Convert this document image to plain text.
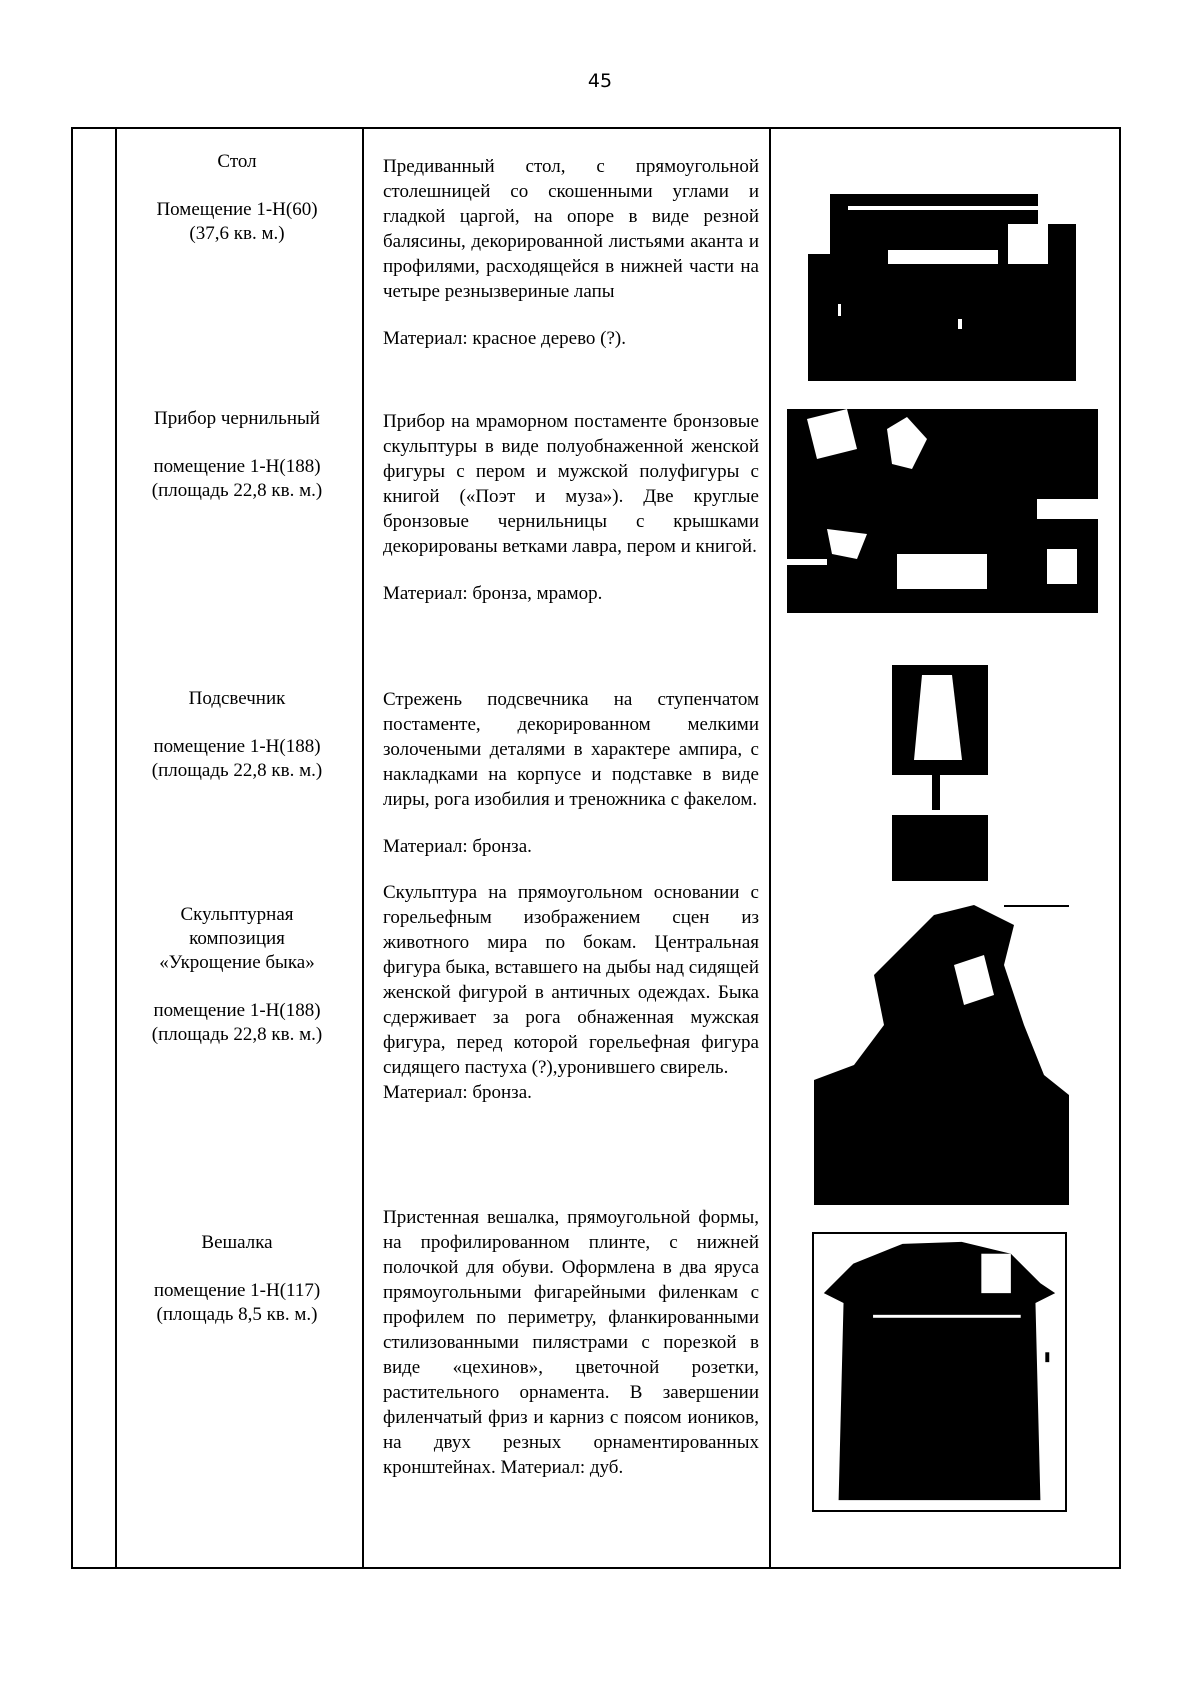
45
Стол
Помещение 1-Н(60)
(37,6 кв. м.)

Предиванный стол, с прямоугольной столешницей со скошенными углами и гладкой царгой, на опоре в виде резной балясины, декорированной листьями аканта и профилями, расходящейся в нижней части на четыре резнызвериные лапы

Материал: красное дерево (?).

Прибор чернильный
помещение 1-Н(188)
(площадь 22,8 кв. м.)

Прибор на мраморном постаменте бронзовые скульптуры в виде полуобнаженной женской фигуры с пером и мужской полуфигуры с книгой («Поэт и муза»). Две круглые бронзовые чернильницы с крышками декорированы ветками лавра, пером и книгой.

Материал: бронза, мрамор.

Подсвечник
помещение 1-Н(188)
(площадь 22,8 кв. м.)

Стрежень подсвечника на ступенчатом постаменте, декорированном мелкими золочеными деталями в характере ампира, с накладками на корпусе и подставке в виде лиры, рога изобилия и треножника с факелом.

Материал: бронза.

Скульптурная
композиция
«Укрощение быка»
помещение 1-Н(188)
(площадь 22,8 кв. м.)

Скульптура на прямоугольном основании с горельефным изображением сцен из животного мира по бокам. Центральная фигура быка, вставшего на дыбы над сидящей женской фигурой в античных одеждах. Быка сдерживает за рога обнаженная мужская фигура, перед которой горельефная фигура сидящего пастуха (?),уронившего свирель.

Материал: бронза.

Вешалка
помещение 1-Н(117)
(площадь 8,5 кв. м.)

Пристенная вешалка, прямоугольной формы, на профилированном плинте, с нижней полочкой для обуви. Оформлена в два яруса прямоугольными фигарейными филенкам с профилем по периметру, фланкированными стилизованными пилястрами с порезкой в виде «цехинов», цветочной розетки, растительного орнамента. В завершении филенчатый фриз и карниз с поясом иоников, на двух резных орнаментированных кронштейнах. Материал: дуб.
